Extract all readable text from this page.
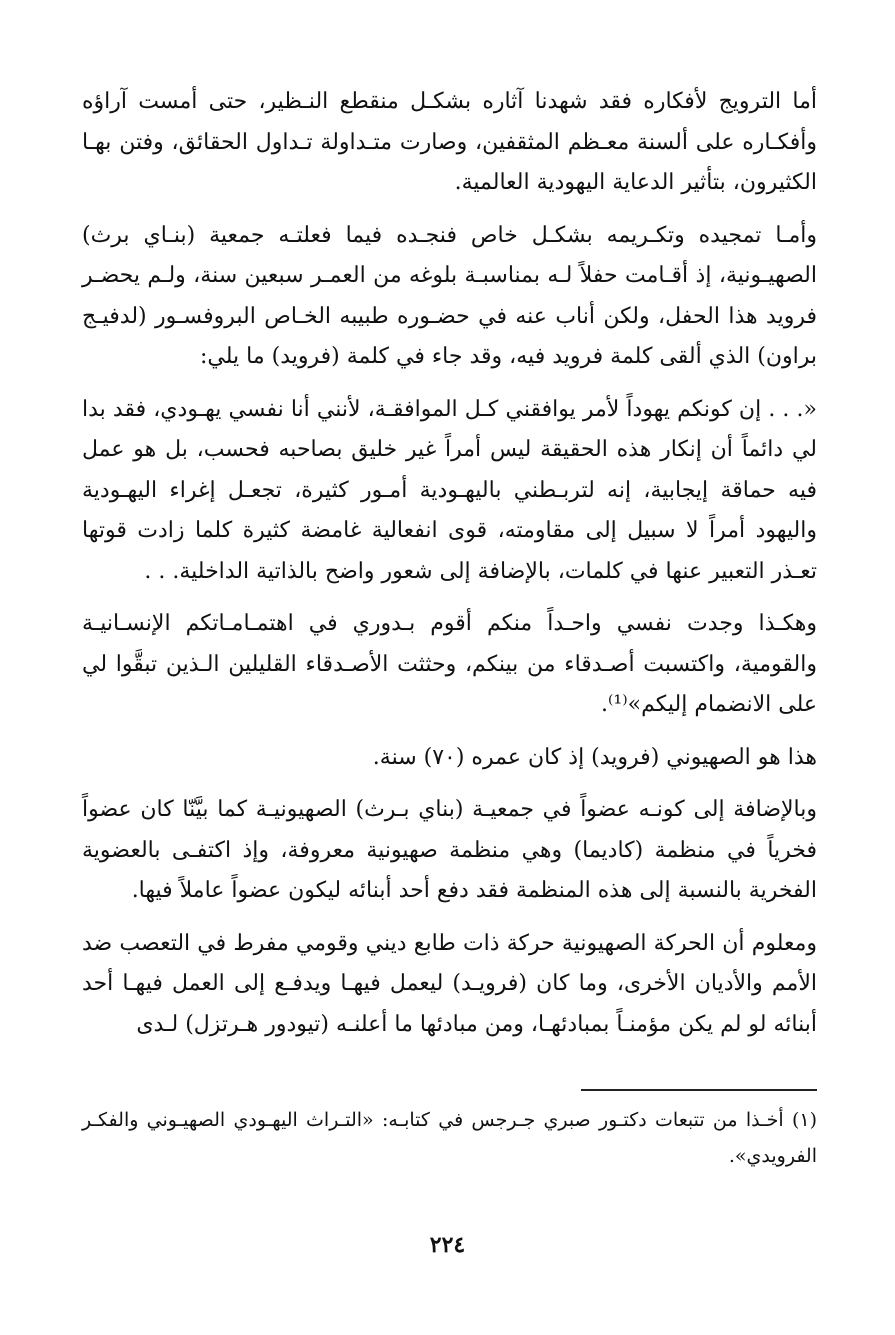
أما الترويج لأفكاره فقد شهدنا آثاره بشكـل منقطع النـظير، حتى أمست آراؤه وأفكـاره على ألسنة معـظم المثقفين، وصارت متـداولة تـداول الحقائق، وفتن بهـا الكثيرون، بتأثير الدعاية اليهودية العالمية.

وأمـا تمجيده وتكـريمه بشكـل خاص فنجـده فيما فعلتـه جمعية (بنـاي برث) الصهيـونية، إذ أقـامت حفلاً لـه بمناسبـة بلوغه من العمـر سبعين سنة، ولـم يحضـر فرويد هذا الحفل، ولكن أناب عنه في حضـوره طبيبه الخـاص البروفسـور (لدفيـج براون) الذي ألقى كلمة فرويد فيه، وقد جاء في كلمة (فرويد) ما يلي:

«. . . إن كونكم يهوداً لأمر يوافقني كـل الموافقـة، لأنني أنا نفسي يهـودي، فقد بدا لي دائماً أن إنكار هذه الحقيقة ليس أمراً غير خليق بصاحبه فحسب، بل هو عمل فيه حماقة إيجابية، إنه لتربـطني باليهـودية أمـور كثيرة، تجعـل إغراء اليهـودية واليهود أمراً لا سبيل إلى مقاومته، قوى انفعالية غامضة كثيرة كلما زادت قوتها تعـذر التعبير عنها في كلمات، بالإضافة إلى شعور واضح بالذاتية الداخلية. . .

وهكـذا وجدت نفسي واحـداً منكم أقوم بـدوري في اهتمـامـاتكم الإنسـانيـة والقومية، واكتسبت أصـدقاء من بينكم، وحثثت الأصـدقاء القليلين الـذين تبقَّوا لي على الانضمام إليكم»⁽¹⁾.

هذا هو الصهيوني (فرويد) إذ كان عمره (٧٠) سنة.

وبالإضافة إلى كونـه عضواً في جمعيـة (بناي بـرث) الصهيونيـة كما بيَّنّا كان عضواً فخرياً في منظمة (كاديما) وهي منظمة صهيونية معروفة، وإذ اكتفـى بالعضوية الفخرية بالنسبة إلى هذه المنظمة فقد دفع أحد أبنائه ليكون عضواً عاملاً فيها.

ومعلوم أن الحركة الصهيونية حركة ذات طابع ديني وقومي مفرط في التعصب ضد الأمم والأديان الأخرى، وما كان (فرويـد) ليعمل فيهـا ويدفـع إلى العمل فيهـا أحد أبنائه لو لم يكن مؤمنـاً بمبادئهـا، ومن مبادئها ما أعلنـه (تيودور هـرتزل) لـدى

(١) أخـذا من تتبعات دكتـور صبري جـرجس في كتابـه: «التـراث اليهـودي الصهيـوني والفكـر الفرويدي».

٢٢٤
